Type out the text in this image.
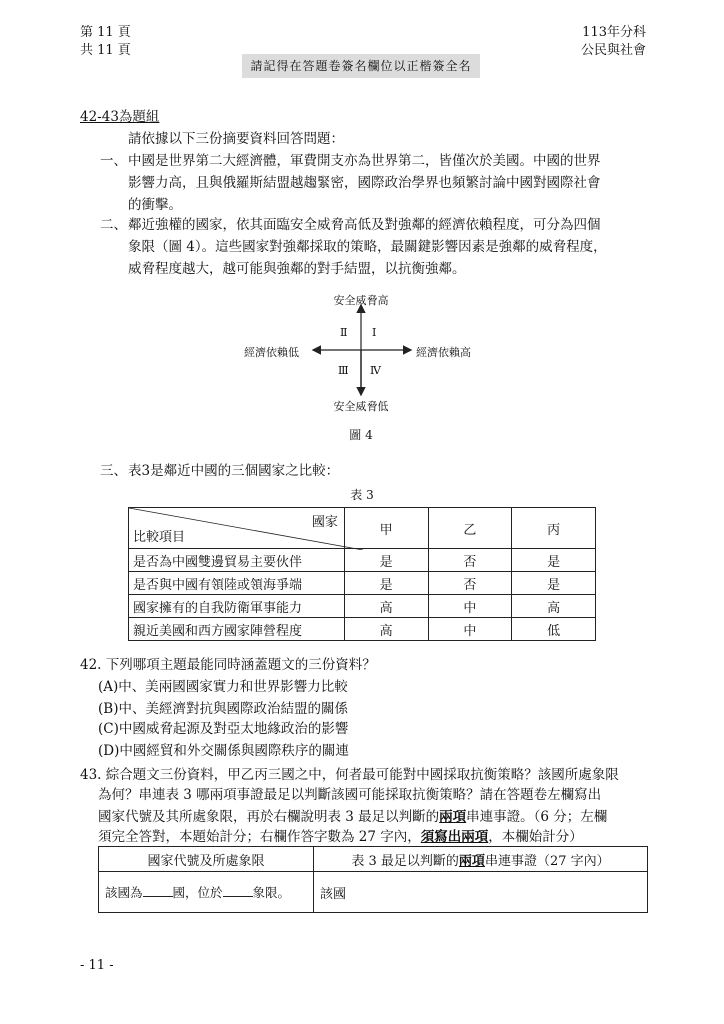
第 11 頁
共 11 頁
請記得在答題卷簽名欄位以正楷簽全名
113年分科
公民與社會
42-43為題組
請依據以下三份摘要資料回答問題：
一、 中國是世界第二大經濟體，軍費開支亦為世界第二，皆僅次於美國。中國的世界
影響力高，且與俄羅斯結盟越趨緊密，國際政治學界也頻繁討論中國對國際社會
的衝擊。
二、 鄰近強權的國家，依其面臨安全威脅高低及對強鄰的經濟依賴程度，可分為四個
象限（圖 4）。這些國家對強鄰採取的策略，最關鍵影響因素是強鄰的威脅程度，
威脅程度越大，越可能與強鄰的對手結盟，以抗衡強鄰。
安全威脅高
安全威脅低
經濟依賴低	經濟依賴高
Ⅰ
Ⅱ
Ⅲ Ⅳ
圖 4
三、 表3是鄰近中國的三個國家之比較：
表 3
國家
比較項目	甲	乙	丙
是否為中國雙邊貿易主要伙伴	是	否	是
是否與中國有領陸或領海爭端	是	否	是
國家擁有的自我防衛軍事能力	高	中	高
親近美國和西方國家陣營程度	高	中	低
42. 下列哪項主題最能同時涵蓋題文的三份資料？
(A)中、美兩國國家實力和世界影響力比較
(B)中、美經濟對抗與國際政治結盟的關係
(C)中國威脅起源及對亞太地緣政治的影響
(D)中國經貿和外交關係與國際秩序的關連
43. 綜合題文三份資料，甲乙丙三國之中，何者最可能對中國採取抗衡策略？該國所處象限
為何？串連表 3 哪兩項事證最足以判斷該國可能採取抗衡策略？請在答題卷左欄寫出
國家代號及其所處象限，再於右欄說明表 3 最足以判斷的兩項串連事證。（6 分；左欄
須完全答對，本題始計分；右欄作答字數為 27 字內，須寫出兩項，本欄始計分）
國家代號及所處象限	表 3 最足以判斷的兩項串連事證（27 字內）
該國為 國，位於 象限。	該國
- 11 -
